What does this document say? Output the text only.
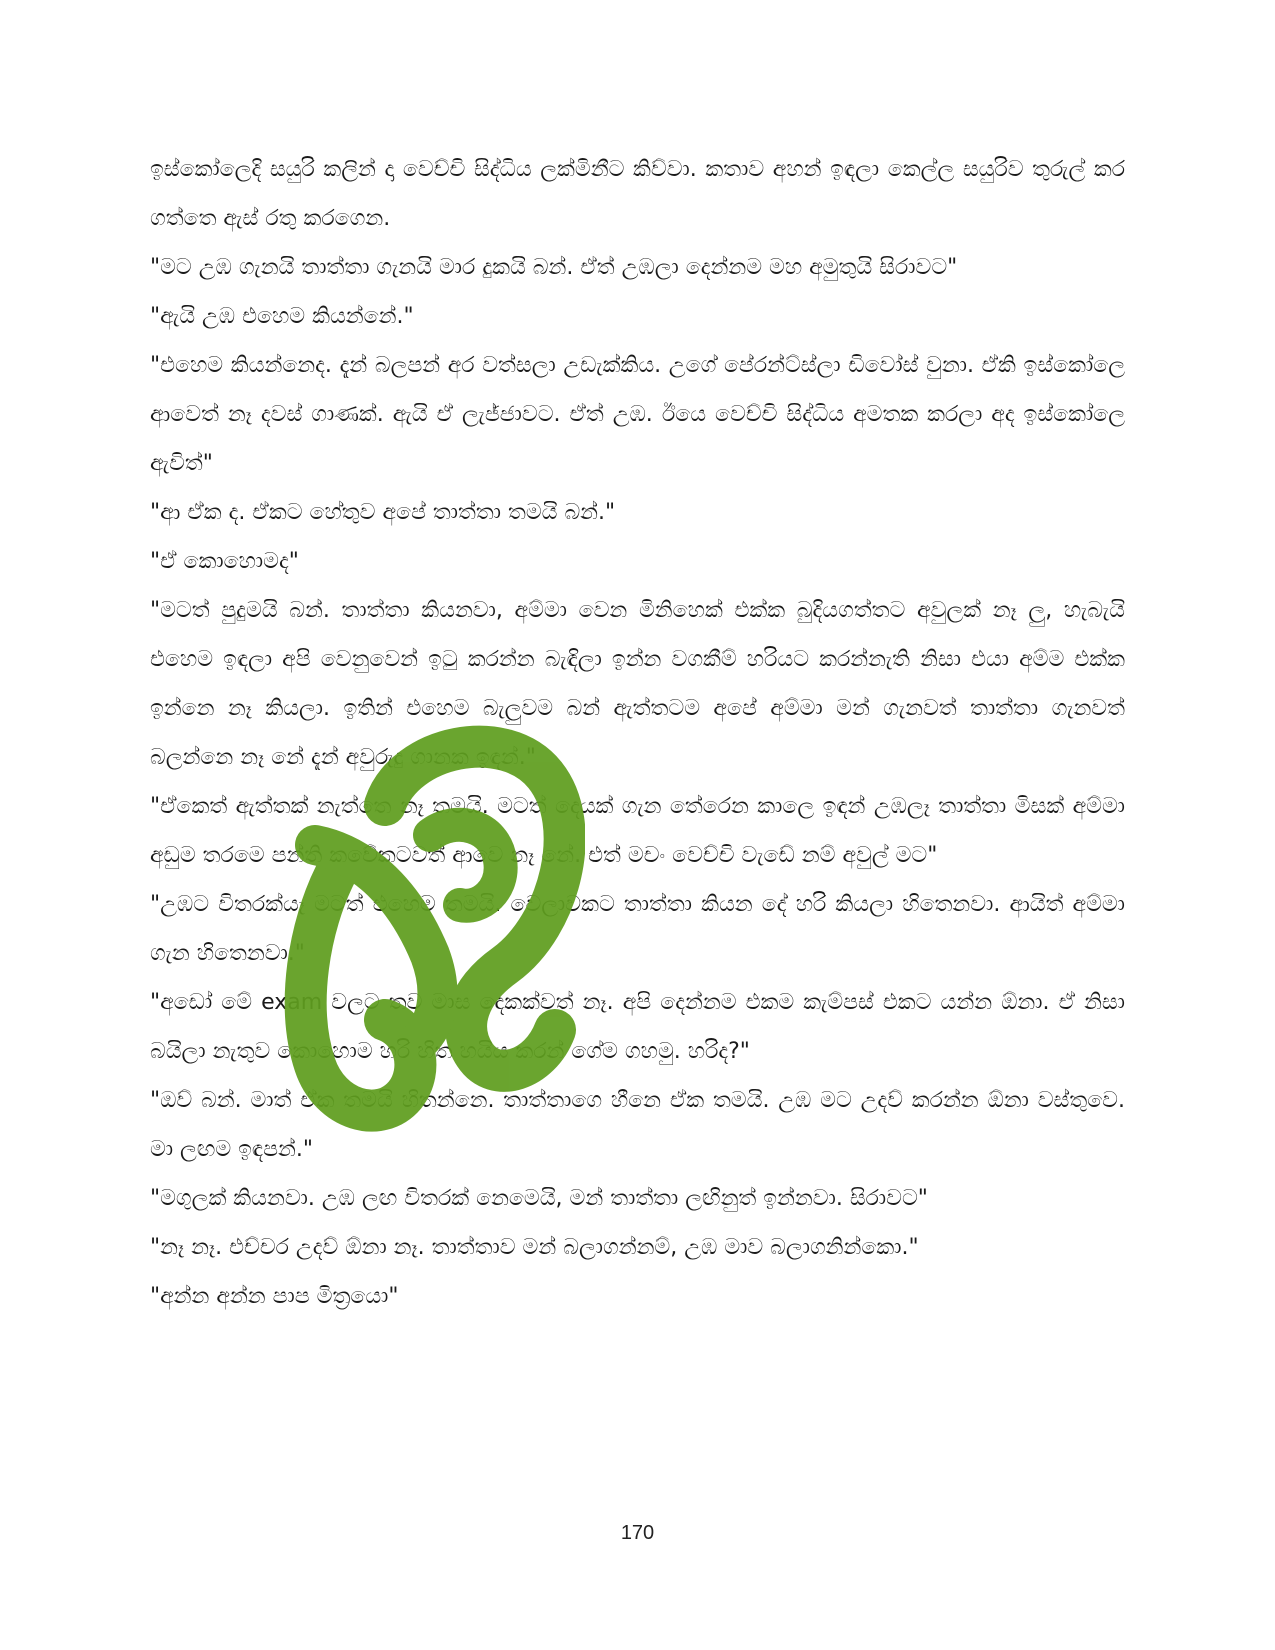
ඉස්කෝලෙදි සයුරි කලින් දා වෙච්චි සිද්ධිය ලක්මිනීට කිව්වා. කතාව අහන් ඉඳලා කෙල්ල සයුරිව තුරුල් කර ගත්තෙ ඇස් රතු කරගෙන.

"මට උඹ ගැනයි තාත්තා ගැනයි මාර දුකයි බන්. ඒත් උඹලා දෙන්නම මහ අමුතුයි සිරාවට"

"ඇයි උඹ එහෙම කියන්නේ."

"එහෙම කියන්නෙද. දැන් බලපන් අර වත්සලා උඩැක්කිය. උගේ පේරන්ට්ස්ලා ඩිවෝස් වුනා. ඒකි ඉස්කෝලෙ ආවෙත් නෑ දවස් ගාණක්. ඇයි ඒ ලැජ්ජාවට. ඒත් උඹ. ඊයෙ වෙච්චි සිද්ධිය අමතක කරලා අද ඉස්කෝලෙ ඇවිත්"

"ආ ඒක ද. ඒකට හේතුව අපේ තාත්තා තමයි බන්."

"ඒ කොහොමද"

"මටත් පුදුමයි බන්. තාත්තා කියනවා, අම්මා වෙන මිනිහෙක් එක්ක බුදියගත්තට අවුලක් නෑ ලු, හැබැයි එහෙම ඉඳලා අපි වෙනුවෙන් ඉටු කරන්න බැඳිලා ඉන්න වගකීම් හරියට කරන්නැති නිසා එයා අම්ම එක්ක ඉන්නෙ නෑ කියලා. ඉතින් එහෙම බැලුවම බන් ඇත්තටම අපේ අම්මා මන් ගැනවත් තාත්තා ගැනවත් බලන්නෙ නෑ නේ දැන් අවුරුදු ගානක ඉඳන්."

"ඒකෙත් ඇත්තක් නැත්තෙ නෑ තමයි. මටත් දෙයක් ගැන තේරෙන කාලෙ ඉඳන් උඹලෑ තාත්තා මිසක් අම්මා අඩුම තරමෙ පන්ති කවේකටවත් ආවෙ නෑ නේ. එත් මචං වෙච්චි වැඩේ නම් අවුල් මට"

"උඹට විතරක්යෑ මටත් එහෙම තමයි. වෙලාවකට තාත්තා කියන දේ හරි කියලා හිතෙනවා. ආයිත් අම්මා ගැන හිතෙනවා."

"අඩෝ මේ exam වලට තව මාස දෙකක්වත් නෑ. අපි දෙන්නම එකම කැම්පස් එකට යන්න ඕනා. ඒ නිසා බයිලා නැතුව කොහොම හරි හිත හයිය කරන් ගේම ගහමු. හරිද?"

"ඔව් බන්. මාත් ඒක තමයි හිතන්නෙ. තාත්තාගෙ හීනෙ ඒක තමයි. උඹ මට උදව් කරන්න ඕනා වස්තුවෙ. මා ලඟම ඉඳපන්."

"මගුලක් කියනවා. උඹ ලඟ විතරක් නෙමෙයි, මන් තාත්තා ලඟිනුත් ඉන්නවා. සිරාවට"

"නෑ නෑ. එච්චර උදව් ඕනා නෑ. තාත්තාව මන් බලාගන්නම්, උඹ මාව බලාගනින්කො."

"අන්න අන්න පාප මිත්‍රයො"

170
